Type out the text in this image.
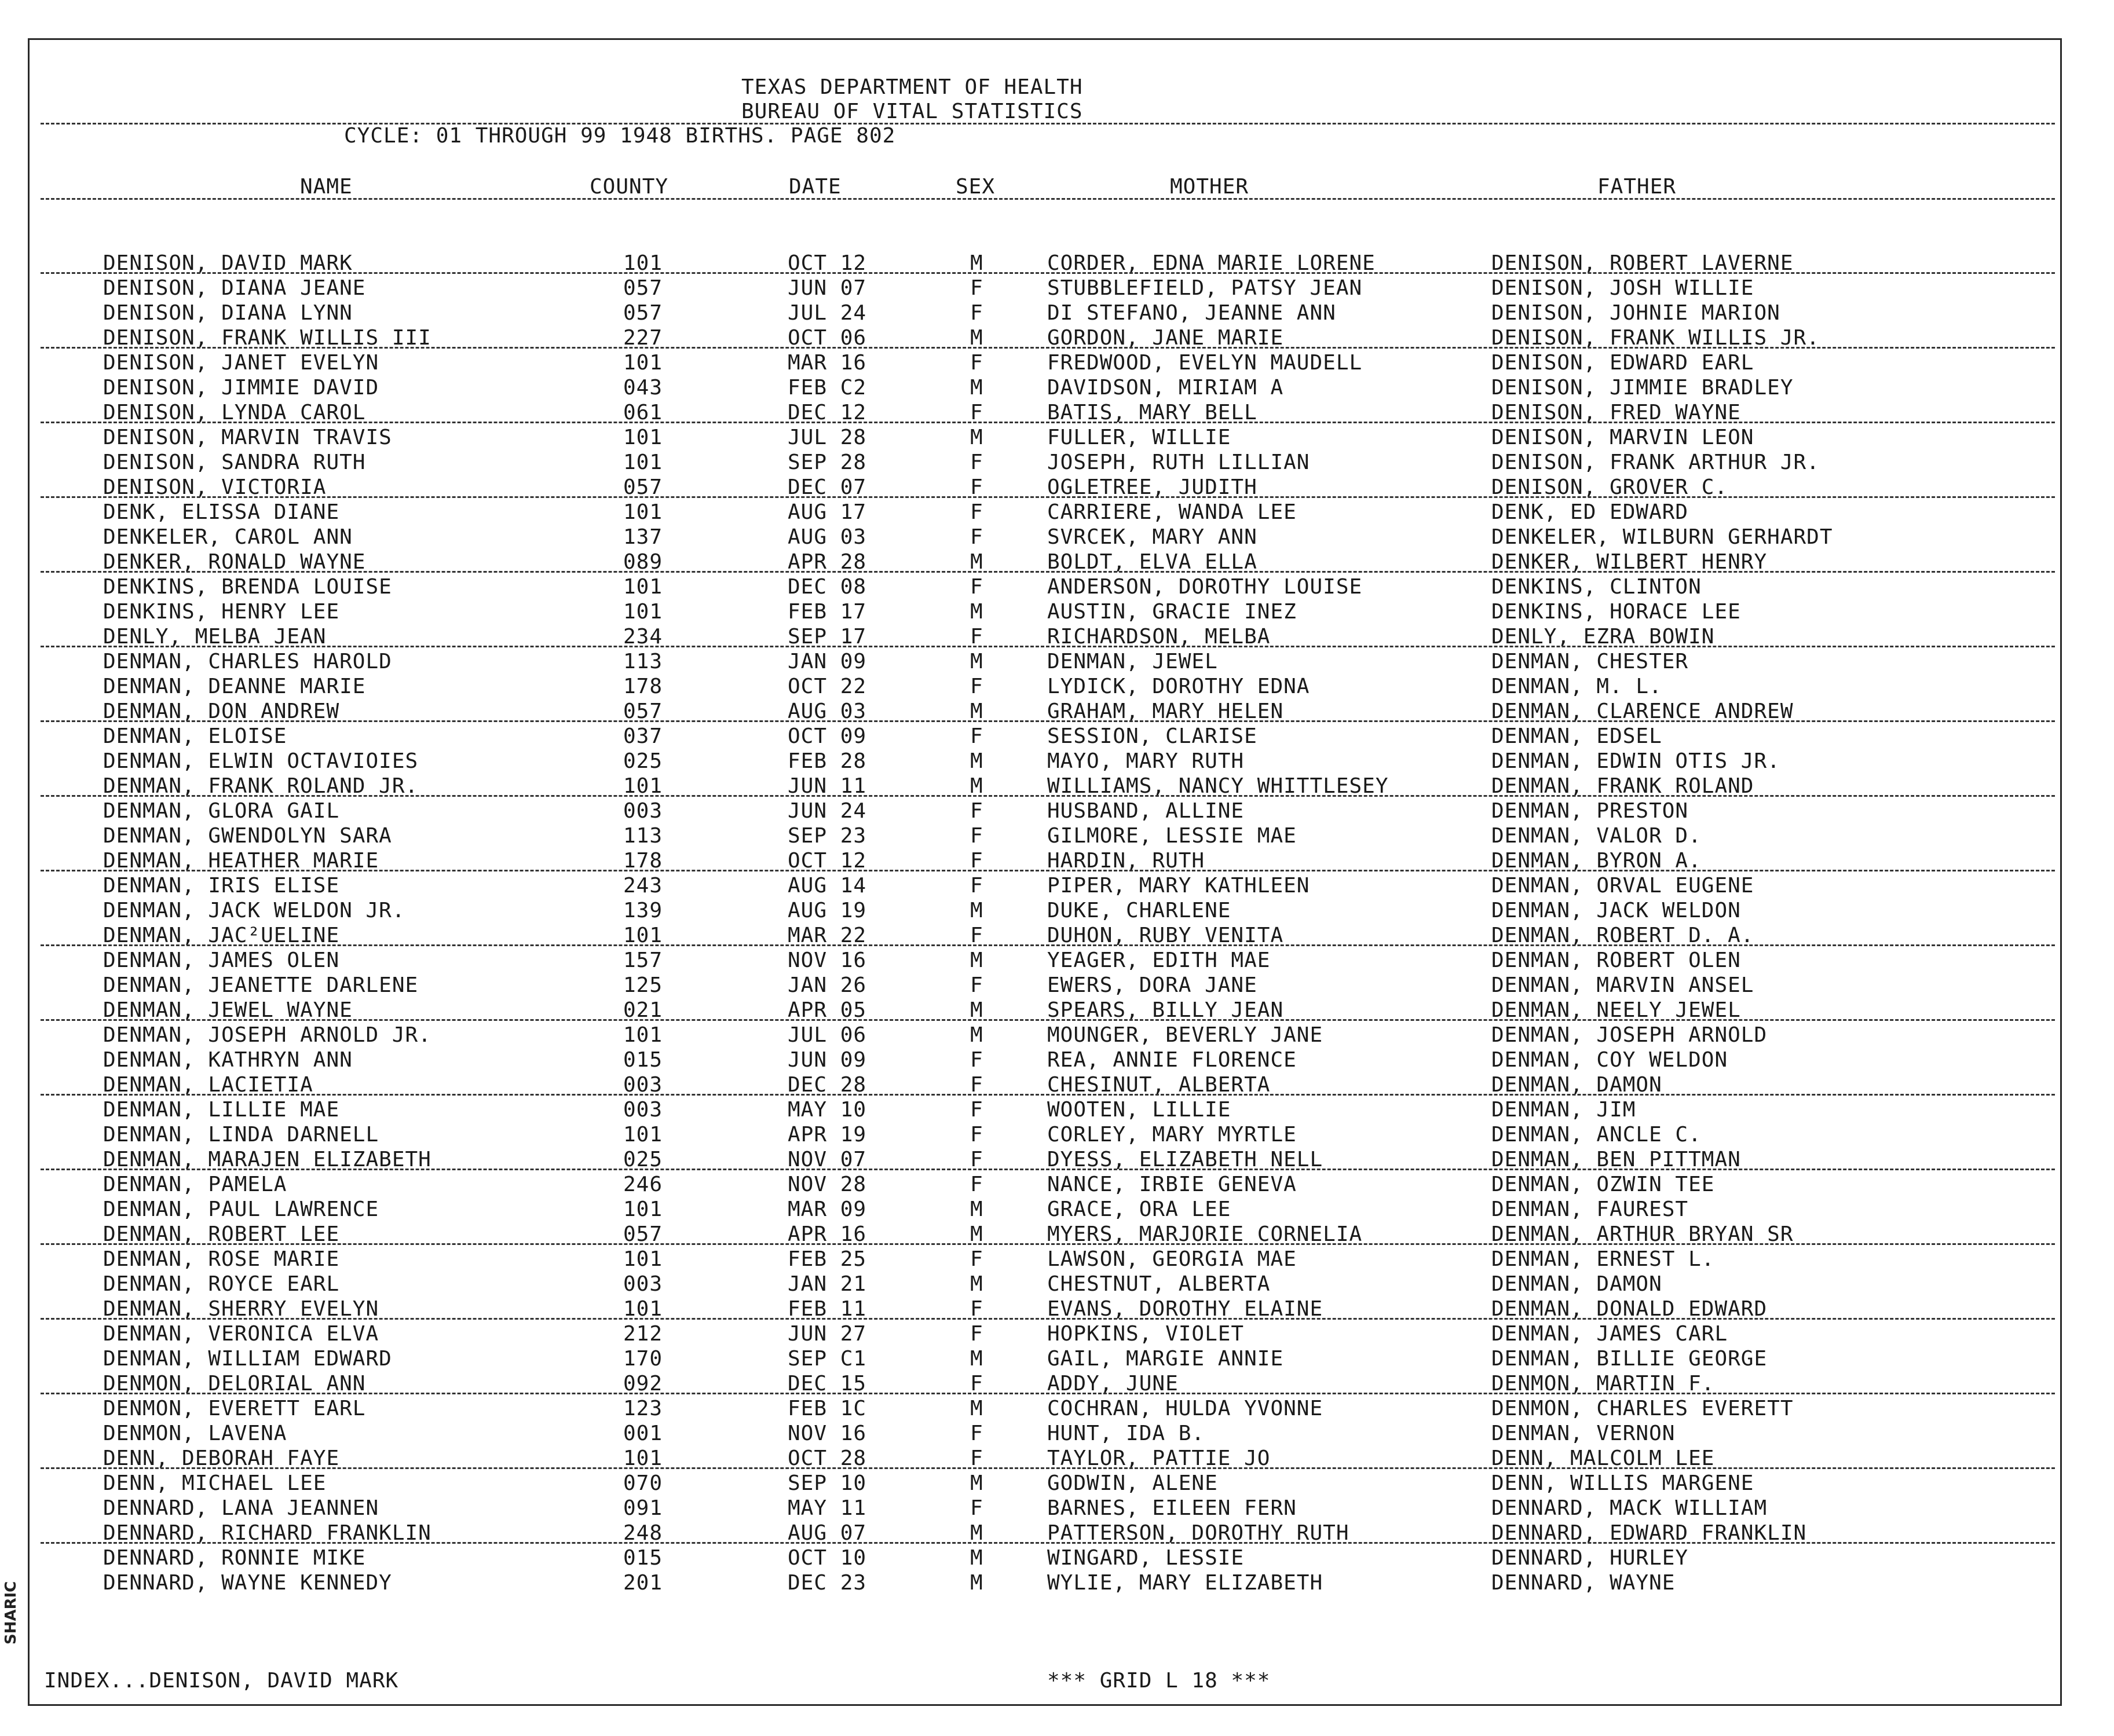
SHARIC
TEXAS DEPARTMENT OF HEALTH
BUREAU OF VITAL STATISTICS
CYCLE: 01 THROUGH 99 1948 BIRTHS. PAGE 802
NAME	COUNTY	DATE	SEX	MOTHER	FATHER
DENISON, DAVID MARK	101	OCT 12	M	CORDER, EDNA MARIE LORENE	DENISON, ROBERT LAVERNE
DENISON, DIANA JEANE	057	JUN 07	F	STUBBLEFIELD, PATSY JEAN	DENISON, JOSH WILLIE
DENISON, DIANA LYNN	057	JUL 24	F	DI STEFANO, JEANNE ANN	DENISON, JOHNIE MARION
DENISON, FRANK WILLIS III	227	OCT 06	M	GORDON, JANE MARIE	DENISON, FRANK WILLIS JR.
DENISON, JANET EVELYN	101	MAR 16	F	FREDWOOD, EVELYN MAUDELL	DENISON, EDWARD EARL
DENISON, JIMMIE DAVID	043	FEB C2	M	DAVIDSON, MIRIAM A	DENISON, JIMMIE BRADLEY
DENISON, LYNDA CAROL	061	DEC 12	F	BATIS, MARY BELL	DENISON, FRED WAYNE
DENISON, MARVIN TRAVIS	101	JUL 28	M	FULLER, WILLIE	DENISON, MARVIN LEON
DENISON, SANDRA RUTH	101	SEP 28	F	JOSEPH, RUTH LILLIAN	DENISON, FRANK ARTHUR JR.
DENISON, VICTORIA	057	DEC 07	F	OGLETREE, JUDITH	DENISON, GROVER C.
DENK, ELISSA DIANE	101	AUG 17	F	CARRIERE, WANDA LEE	DENK, ED EDWARD
DENKELER, CAROL ANN	137	AUG 03	F	SVRCEK, MARY ANN	DENKELER, WILBURN GERHARDT
DENKER, RONALD WAYNE	089	APR 28	M	BOLDT, ELVA ELLA	DENKER, WILBERT HENRY
DENKINS, BRENDA LOUISE	101	DEC 08	F	ANDERSON, DOROTHY LOUISE	DENKINS, CLINTON
DENKINS, HENRY LEE	101	FEB 17	M	AUSTIN, GRACIE INEZ	DENKINS, HORACE LEE
DENLY, MELBA JEAN	234	SEP 17	F	RICHARDSON, MELBA	DENLY, EZRA BOWIN
DENMAN, CHARLES HAROLD	113	JAN 09	M	DENMAN, JEWEL	DENMAN, CHESTER
DENMAN, DEANNE MARIE	178	OCT 22	F	LYDICK, DOROTHY EDNA	DENMAN, M. L.
DENMAN, DON ANDREW	057	AUG 03	M	GRAHAM, MARY HELEN	DENMAN, CLARENCE ANDREW
DENMAN, ELOISE	037	OCT 09	F	SESSION, CLARISE	DENMAN, EDSEL
DENMAN, ELWIN OCTAVIOIES	025	FEB 28	M	MAYO, MARY RUTH	DENMAN, EDWIN OTIS JR.
DENMAN, FRANK ROLAND JR.	101	JUN 11	M	WILLIAMS, NANCY WHITTLESEY	DENMAN, FRANK ROLAND
DENMAN, GLORA GAIL	003	JUN 24	F	HUSBAND, ALLINE	DENMAN, PRESTON
DENMAN, GWENDOLYN SARA	113	SEP 23	F	GILMORE, LESSIE MAE	DENMAN, VALOR D.
DENMAN, HEATHER MARIE	178	OCT 12	F	HARDIN, RUTH	DENMAN, BYRON A.
DENMAN, IRIS ELISE	243	AUG 14	F	PIPER, MARY KATHLEEN	DENMAN, ORVAL EUGENE
DENMAN, JACK WELDON JR.	139	AUG 19	M	DUKE, CHARLENE	DENMAN, JACK WELDON
DENMAN, JAC²UELINE	101	MAR 22	F	DUHON, RUBY VENITA	DENMAN, ROBERT D. A.
DENMAN, JAMES OLEN	157	NOV 16	M	YEAGER, EDITH MAE	DENMAN, ROBERT OLEN
DENMAN, JEANETTE DARLENE	125	JAN 26	F	EWERS, DORA JANE	DENMAN, MARVIN ANSEL
DENMAN, JEWEL WAYNE	021	APR 05	M	SPEARS, BILLY JEAN	DENMAN, NEELY JEWEL
DENMAN, JOSEPH ARNOLD JR.	101	JUL 06	M	MOUNGER, BEVERLY JANE	DENMAN, JOSEPH ARNOLD
DENMAN, KATHRYN ANN	015	JUN 09	F	REA, ANNIE FLORENCE	DENMAN, COY WELDON
DENMAN, LACIETIA	003	DEC 28	F	CHESINUT, ALBERTA	DENMAN, DAMON
DENMAN, LILLIE MAE	003	MAY 10	F	WOOTEN, LILLIE	DENMAN, JIM
DENMAN, LINDA DARNELL	101	APR 19	F	CORLEY, MARY MYRTLE	DENMAN, ANCLE C.
DENMAN, MARAJEN ELIZABETH	025	NOV 07	F	DYESS, ELIZABETH NELL	DENMAN, BEN PITTMAN
DENMAN, PAMELA	246	NOV 28	F	NANCE, IRBIE GENEVA	DENMAN, OZWIN TEE
DENMAN, PAUL LAWRENCE	101	MAR 09	M	GRACE, ORA LEE	DENMAN, FAUREST
DENMAN, ROBERT LEE	057	APR 16	M	MYERS, MARJORIE CORNELIA	DENMAN, ARTHUR BRYAN SR
DENMAN, ROSE MARIE	101	FEB 25	F	LAWSON, GEORGIA MAE	DENMAN, ERNEST L.
DENMAN, ROYCE EARL	003	JAN 21	M	CHESTNUT, ALBERTA	DENMAN, DAMON
DENMAN, SHERRY EVELYN	101	FEB 11	F	EVANS, DOROTHY ELAINE	DENMAN, DONALD EDWARD
DENMAN, VERONICA ELVA	212	JUN 27	F	HOPKINS, VIOLET	DENMAN, JAMES CARL
DENMAN, WILLIAM EDWARD	170	SEP C1	M	GAIL, MARGIE ANNIE	DENMAN, BILLIE GEORGE
DENMON, DELORIAL ANN	092	DEC 15	F	ADDY, JUNE	DENMON, MARTIN F.
DENMON, EVERETT EARL	123	FEB 1C	M	COCHRAN, HULDA YVONNE	DENMON, CHARLES EVERETT
DENMON, LAVENA	001	NOV 16	F	HUNT, IDA B.	DENMAN, VERNON
DENN, DEBORAH FAYE	101	OCT 28	F	TAYLOR, PATTIE JO	DENN, MALCOLM LEE
DENN, MICHAEL LEE	070	SEP 10	M	GODWIN, ALENE	DENN, WILLIS MARGENE
DENNARD, LANA JEANNEN	091	MAY 11	F	BARNES, EILEEN FERN	DENNARD, MACK WILLIAM
DENNARD, RICHARD FRANKLIN	248	AUG 07	M	PATTERSON, DOROTHY RUTH	DENNARD, EDWARD FRANKLIN
DENNARD, RONNIE MIKE	015	OCT 10	M	WINGARD, LESSIE	DENNARD, HURLEY
DENNARD, WAYNE KENNEDY	201	DEC 23	M	WYLIE, MARY ELIZABETH	DENNARD, WAYNE
INDEX...DENISON, DAVID MARK	*** GRID L 18 ***
